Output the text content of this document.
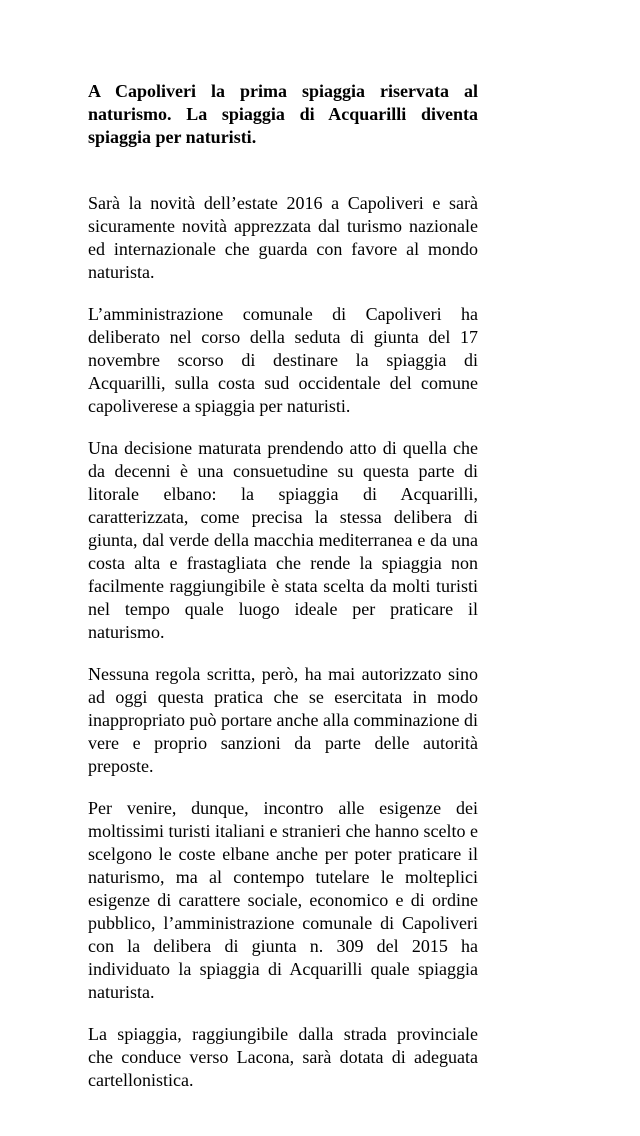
A Capoliveri la prima spiaggia riservata al naturismo. La spiaggia di Acquarilli diventa spiaggia per naturisti.

Sarà la novità dell’estate 2016 a Capoliveri e sarà sicuramente novità apprezzata dal turismo nazionale ed internazionale che guarda con favore al mondo naturista.

L’amministrazione comunale di Capoliveri ha deliberato nel corso della seduta di giunta del 17 novembre scorso di destinare la spiaggia di Acquarilli, sulla costa sud occidentale del comune capoliverese a spiaggia per naturisti.

Una decisione maturata prendendo atto di quella che da decenni è una consuetudine su questa parte di litorale elbano: la spiaggia di Acquarilli, caratterizzata, come precisa la stessa delibera di giunta, dal verde della macchia mediterranea e da una costa alta e frastagliata che rende la spiaggia non facilmente raggiungibile è stata scelta da molti turisti nel tempo quale luogo ideale per praticare il naturismo.

Nessuna regola scritta, però, ha mai autorizzato sino ad oggi questa pratica che se esercitata in modo inappropriato può portare anche alla comminazione di vere e proprio sanzioni da parte delle autorità preposte.

Per venire, dunque, incontro alle esigenze dei moltissimi turisti italiani e stranieri che hanno scelto e scelgono le coste elbane anche per poter praticare il naturismo, ma al contempo tutelare le molteplici esigenze di carattere sociale, economico e di ordine pubblico, l’amministrazione comunale di Capoliveri con la delibera di giunta n. 309 del 2015 ha individuato la spiaggia di Acquarilli quale spiaggia naturista.

La spiaggia, raggiungibile dalla strada provinciale che conduce verso Lacona, sarà dotata di adeguata cartellonistica.
